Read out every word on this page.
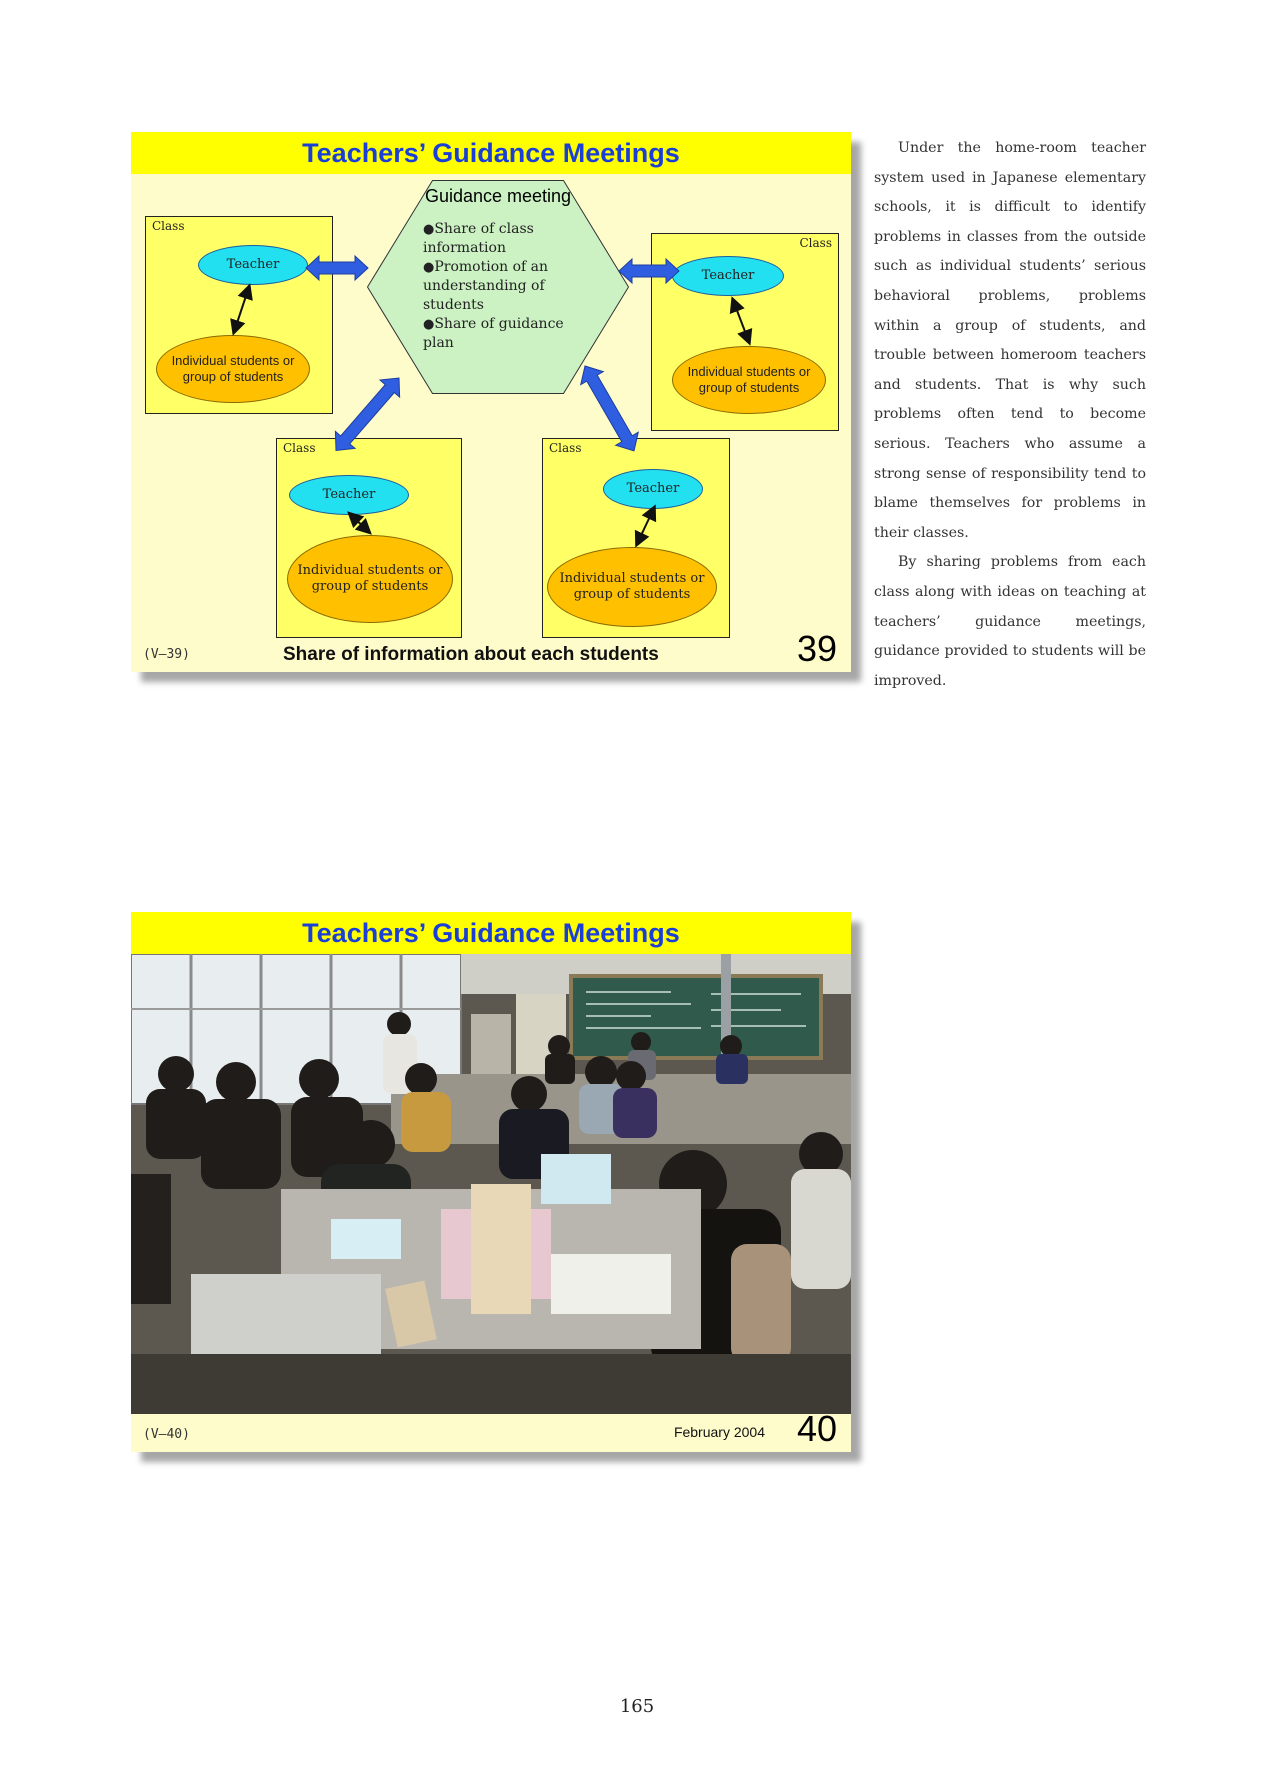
Teachers’ Guidance Meetings
Class
Teacher
Individual students or group of students
Class
Teacher
Individual students or group of students
Class
Teacher
Individual students or group of students
Class
Teacher
Individual students or group of students
Guidance meeting
● Share of class information
● Promotion of an understanding of students
● Share of guidance plan
(V–39)	Share of information about each students	39
Teachers’ Guidance Meetings
(V–40)	February 2004 40

Under the home-room teacher system used in Japanese elementary schools, it is difficult to identify problems in classes from the outside such as individual students’ serious behavioral problems, problems within a group of students, and trouble between homeroom teachers and students. That is why such problems often tend to become serious. Teachers who assume a strong sense of responsibility tend to blame themselves for problems in their classes.

By sharing problems from each class along with ideas on teaching at teachers’ guidance meetings, guidance provided to students will be improved.

165
